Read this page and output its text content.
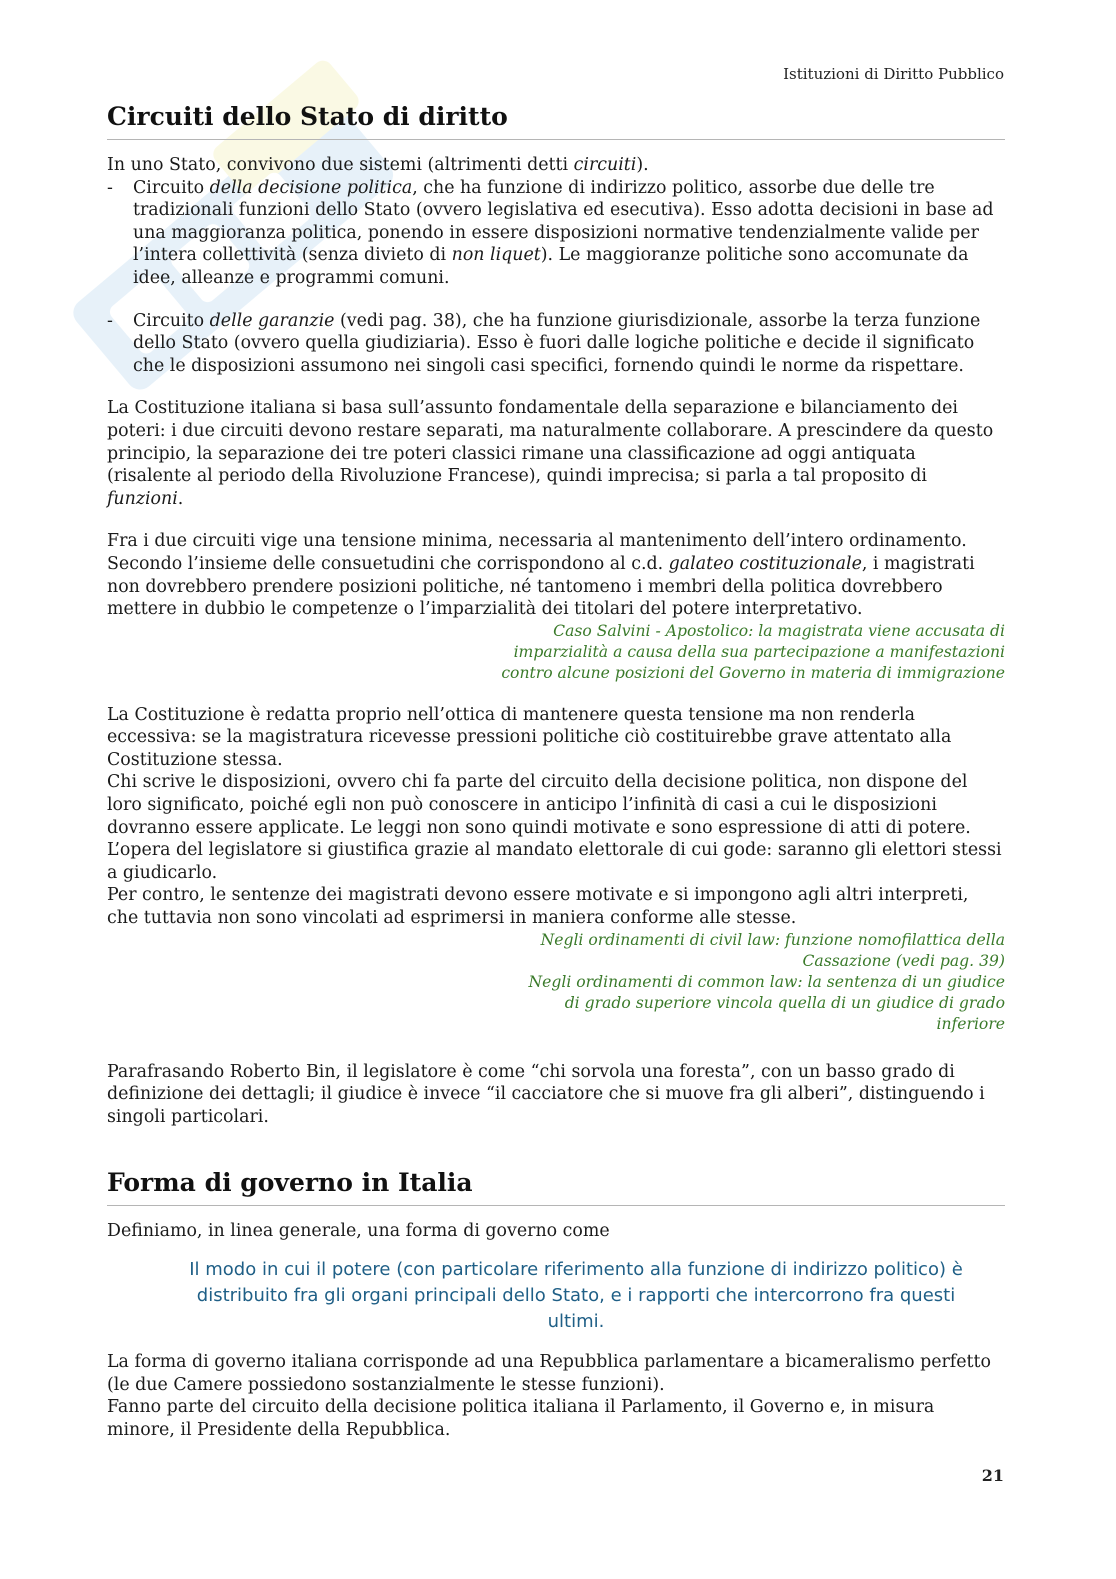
Istituzioni di Diritto Pubblico
Circuiti dello Stato di diritto

In uno Stato, convivono due sistemi (altrimenti detti circuiti).

- Circuito della decisione politica, che ha funzione di indirizzo politico, assorbe due delle tre tradizionali funzioni dello Stato (ovvero legislativa ed esecutiva). Esso adotta decisioni in base ad una maggioranza politica, ponendo in essere disposizioni normative tendenzialmente valide per l’intera collettività (senza divieto di non liquet). Le maggioranze politiche sono accomunate da idee, alleanze e programmi comuni.
- Circuito delle garanzie (vedi pag. 38), che ha funzione giurisdizionale, assorbe la terza funzione dello Stato (ovvero quella giudiziaria). Esso è fuori dalle logiche politiche e decide il significato che le disposizioni assumono nei singoli casi specifici, fornendo quindi le norme da rispettare.

La Costituzione italiana si basa sull’assunto fondamentale della separazione e bilanciamento dei poteri: i due circuiti devono restare separati, ma naturalmente collaborare. A prescindere da questo principio, la separazione dei tre poteri classici rimane una classificazione ad oggi antiquata (risalente al periodo della Rivoluzione Francese), quindi imprecisa; si parla a tal proposito di funzioni.

Fra i due circuiti vige una tensione minima, necessaria al mantenimento dell’intero ordinamento. Secondo l’insieme delle consuetudini che corrispondono al c.d. galateo costituzionale, i magistrati non dovrebbero prendere posizioni politiche, né tantomeno i membri della politica dovrebbero mettere in dubbio le competenze o l’imparzialità dei titolari del potere interpretativo.

Caso Salvini - Apostolico: la magistrata viene accusata di

imparzialità a causa della sua partecipazione a manifestazioni

contro alcune posizioni del Governo in materia di immigrazione

La Costituzione è redatta proprio nell’ottica di mantenere questa tensione ma non renderla eccessiva: se la magistratura ricevesse pressioni politiche ciò costituirebbe grave attentato alla Costituzione stessa.

Chi scrive le disposizioni, ovvero chi fa parte del circuito della decisione politica, non dispone del loro significato, poiché egli non può conoscere in anticipo l’infinità di casi a cui le disposizioni dovranno essere applicate. Le leggi non sono quindi motivate e sono espressione di atti di potere.

L’opera del legislatore si giustifica grazie al mandato elettorale di cui gode: saranno gli elettori stessi a giudicarlo.

Per contro, le sentenze dei magistrati devono essere motivate e si impongono agli altri interpreti, che tuttavia non sono vincolati ad esprimersi in maniera conforme alle stesse.

Negli ordinamenti di civil law: funzione nomofilattica della

Cassazione (vedi pag. 39)

Negli ordinamenti di common law: la sentenza di un giudice

di grado superiore vincola quella di un giudice di grado

inferiore

Parafrasando Roberto Bin, il legislatore è come “chi sorvola una foresta”, con un basso grado di definizione dei dettagli; il giudice è invece “il cacciatore che si muove fra gli alberi”, distinguendo i singoli particolari.

Forma di governo in Italia

Definiamo, in linea generale, una forma di governo come

Il modo in cui il potere (con particolare riferimento alla funzione di indirizzo politico) è distribuito fra gli organi principali dello Stato, e i rapporti che intercorrono fra questi ultimi.

La forma di governo italiana corrisponde ad una Repubblica parlamentare a bicameralismo perfetto (le due Camere possiedono sostanzialmente le stesse funzioni).

Fanno parte del circuito della decisione politica italiana il Parlamento, il Governo e, in misura minore, il Presidente della Repubblica.

21
